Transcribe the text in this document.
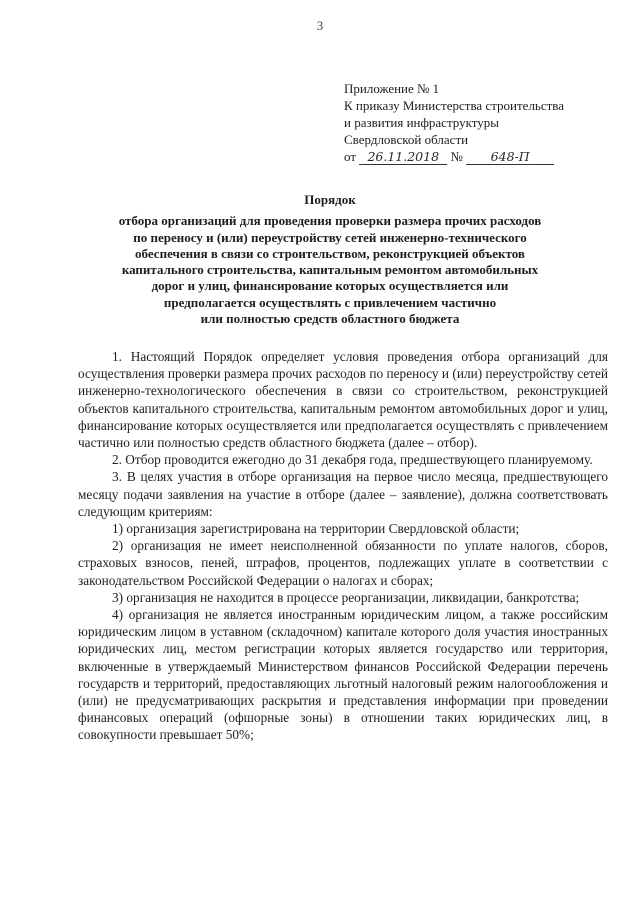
3
Приложение № 1
К приказу Министерства строительства
и развития инфраструктуры
Свердловской области
от 26.11.2018 № 648-П
Порядок
отбора организаций для проведения проверки размера прочих расходов
по переносу и (или) переустройству сетей инженерно-технического
обеспечения в связи со строительством, реконструкцией объектов
капитального строительства, капитальным ремонтом автомобильных
дорог и улиц, финансирование которых осуществляется или
предполагается осуществлять с привлечением частично
или полностью средств областного бюджета

1. Настоящий Порядок определяет условия проведения отбора организаций для осуществления проверки размера прочих расходов по переносу и (или) переустройству сетей инженерно-технологического обеспечения в связи со строительством, реконструкцией объектов капитального строительства, капитальным ремонтом автомобильных дорог и улиц, финансирование которых осуществляется или предполагается осуществлять с привлечением частично или полностью средств областного бюджета (далее – отбор).

2. Отбор проводится ежегодно до 31 декабря года, предшествующего планируемому.

3. В целях участия в отборе организация на первое число месяца, предшествующего месяцу подачи заявления на участие в отборе (далее – заявление), должна соответствовать следующим критериям:

1) организация зарегистрирована на территории Свердловской области;

2) организация не имеет неисполненной обязанности по уплате налогов, сборов, страховых взносов, пеней, штрафов, процентов, подлежащих уплате в соответствии с законодательством Российской Федерации о налогах и сборах;

3) организация не находится в процессе реорганизации, ликвидации, банкротства;

4) организация не является иностранным юридическим лицом, а также российским юридическим лицом в уставном (складочном) капитале которого доля участия иностранных юридических лиц, местом регистрации которых является государство или территория, включенные в утверждаемый Министерством финансов Российской Федерации перечень государств и территорий, предоставляющих льготный налоговый режим налогообложения и (или) не предусматривающих раскрытия и представления информации при проведении финансовых операций (офшорные зоны) в отношении таких юридических лиц, в совокупности превышает 50%;
